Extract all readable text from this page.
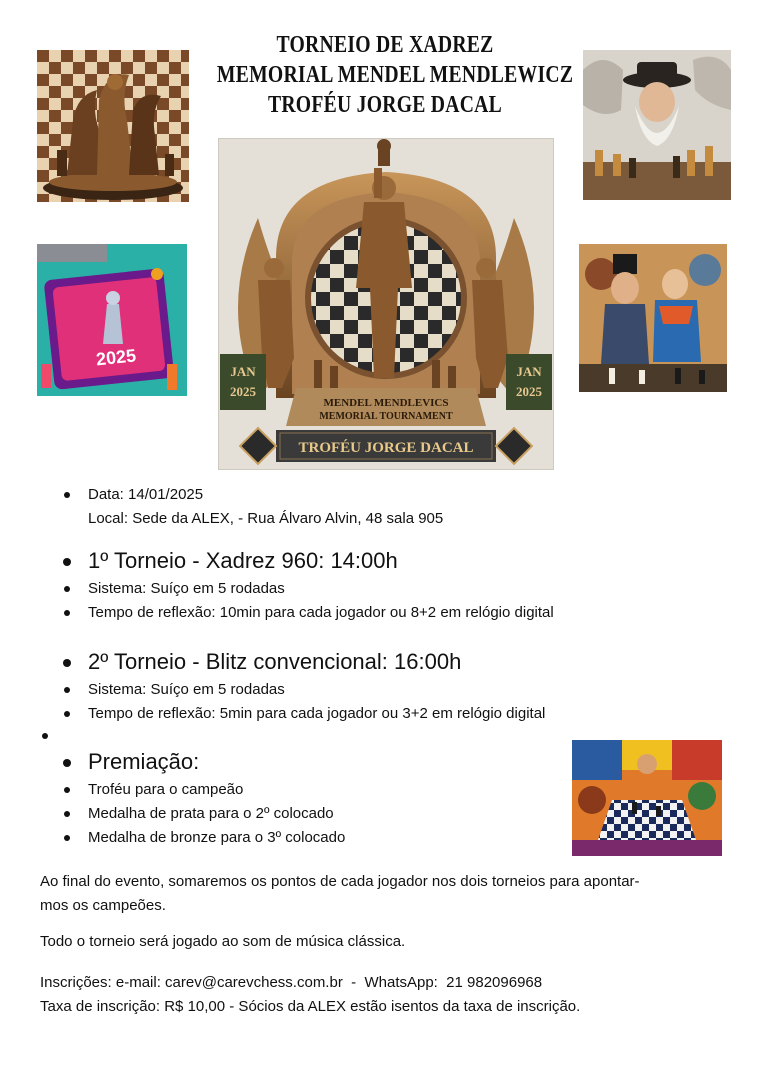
TORNEIO DE XADREZ
MEMORIAL MENDEL MENDLEWICZ
TROFÉU JORGE DACAL
2025
JAN
2025
JAN
2025
MENDEL MENDLEVICS
MEMORIAL TOURNAMENT
TROFÉU JORGE DACAL
Data: 14/01/2025
Local: Sede da ALEX, - Rua Álvaro Alvin, 48 sala 905
1º Torneio - Xadrez 960: 14:00h
Sistema: Suíço em 5 rodadas
Tempo de reflexão: 10min para cada jogador ou 8+2 em relógio digital
2º Torneio - Blitz convencional: 16:00h
Sistema: Suíço em 5 rodadas
Tempo de reflexão: 5min para cada jogador ou 3+2 em relógio digital
Premiação:
Troféu para o campeão
Medalha de prata para o 2º colocado
Medalha de bronze para o 3º colocado
Ao final do evento, somaremos os pontos de cada jogador nos dois torneios para apontar-
mos os campeões.
Todo o torneio será jogado ao som de música clássica.
Inscrições: e-mail: carev@carevchess.com.br  -  WhatsApp:  21 982096968
Taxa de inscrição: R$ 10,00 - Sócios da ALEX estão isentos da taxa de inscrição.
